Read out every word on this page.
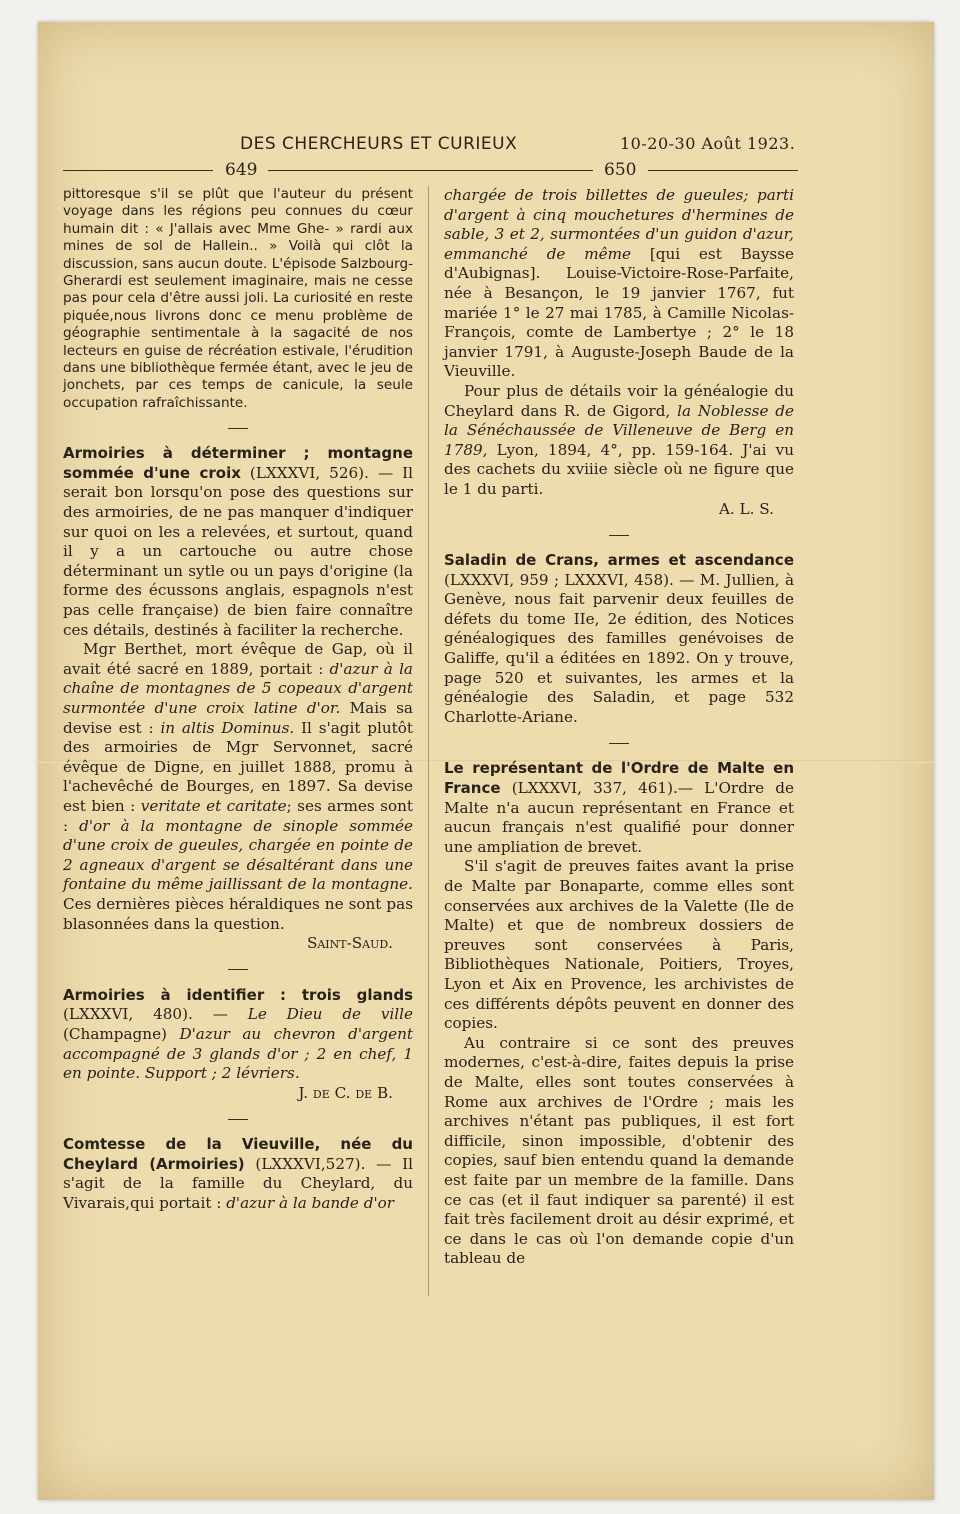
DES CHERCHEURS ET CURIEUX	10-20-30 Août 1923.
649	650

pittoresque s'il se plût que l'auteur du présent voyage dans les régions peu connues du cœur humain dit : « J'allais avec Mme Ghe- » rardi aux mines de sol de Hallein.. » Voilà qui clôt la discussion, sans aucun doute. L'épisode Salzbourg-Gherardi est seulement imaginaire, mais ne cesse pas pour cela d'être aussi joli. La curiosité en reste piquée,nous livrons donc ce menu problème de géographie sentimentale à la sagacité de nos lecteurs en guise de récréation estivale, l'érudition dans une bibliothèque fermée étant, avec le jeu de jonchets, par ces temps de canicule, la seule occupation rafraîchissante.

Armoiries à déterminer ; montagne sommée d'une croix (LXXXVI, 526). — Il serait bon lorsqu'on pose des questions sur des armoiries, de ne pas manquer d'indiquer sur quoi on les a relevées, et surtout, quand il y a un cartouche ou autre chose déterminant un sytle ou un pays d'origine (la forme des écussons anglais, espagnols n'est pas celle française) de bien faire connaître ces détails, destinés à faciliter la recherche.

Mgr Berthet, mort évêque de Gap, où il avait été sacré en 1889, portait : d'azur à la chaîne de montagnes de 5 copeaux d'argent surmontée d'une croix latine d'or. Mais sa devise est : in altis Dominus. Il s'agit plutôt des armoiries de Mgr Servonnet, sacré évêque de Digne, en juillet 1888, promu à l'achevêché de Bourges, en 1897. Sa devise est bien : veritate et caritate; ses armes sont : d'or à la montagne de sinople sommée d'une croix de gueules, chargée en pointe de 2 agneaux d'argent se désaltérant dans une fontaine du même jaillissant de la montagne. Ces dernières pièces héraldiques ne sont pas blasonnées dans la question.

Saint-Saud.

Armoiries à identifier : trois glands (LXXXVI, 480). — Le Dieu de ville (Champagne) D'azur au chevron d'argent accompagné de 3 glands d'or ; 2 en chef, 1 en pointe. Support ; 2 lévriers.

J. de C. de B.

Comtesse de la Vieuville, née du Cheylard (Armoiries) (LXXXVI,527). — Il s'agit de la famille du Cheylard, du Vivarais,qui portait : d'azur à la bande d'or

chargée de trois billettes de gueules; parti d'argent à cinq mouchetures d'hermines de sable, 3 et 2, surmontées d'un guidon d'azur, emmanché de même [qui est Baysse d'Aubignas]. Louise-Victoire-Rose-Parfaite, née à Besançon, le 19 janvier 1767, fut mariée 1° le 27 mai 1785, à Camille Nicolas-François, comte de Lambertye ; 2° le 18 janvier 1791, à Auguste-Joseph Baude de la Vieuville.

Pour plus de détails voir la généalogie du Cheylard dans R. de Gigord, la Noblesse de la Sénéchaussée de Villeneuve de Berg en 1789, Lyon, 1894, 4°, pp. 159-164. J'ai vu des cachets du xviiie siècle où ne figure que le 1 du parti.

A. L. S.

Saladin de Crans, armes et ascendance (LXXXVI, 959 ; LXXXVI, 458). — M. Jullien, à Genève, nous fait parvenir deux feuilles de défets du tome IIe, 2e édition, des Notices généalogiques des familles genévoises de Galiffe, qu'il a éditées en 1892. On y trouve, page 520 et suivantes, les armes et la généalogie des Saladin, et page 532 Charlotte-Ariane.

Le représentant de l'Ordre de Malte en France (LXXXVI, 337, 461).— L'Ordre de Malte n'a aucun représentant en France et aucun français n'est qualifié pour donner une ampliation de brevet.

S'il s'agit de preuves faites avant la prise de Malte par Bonaparte, comme elles sont conservées aux archives de la Valette (Ile de Malte) et que de nombreux dossiers de preuves sont conservées à Paris, Bibliothèques Nationale, Poitiers, Troyes, Lyon et Aix en Provence, les archivistes de ces différents dépôts peuvent en donner des copies.

Au contraire si ce sont des preuves modernes, c'est-à-dire, faites depuis la prise de Malte, elles sont toutes conservées à Rome aux archives de l'Ordre ; mais les archives n'étant pas publiques, il est fort difficile, sinon impossible, d'obtenir des copies, sauf bien entendu quand la demande est faite par un membre de la famille. Dans ce cas (et il faut indiquer sa parenté) il est fait très facilement droit au désir exprimé, et ce dans le cas où l'on demande copie d'un tableau de
